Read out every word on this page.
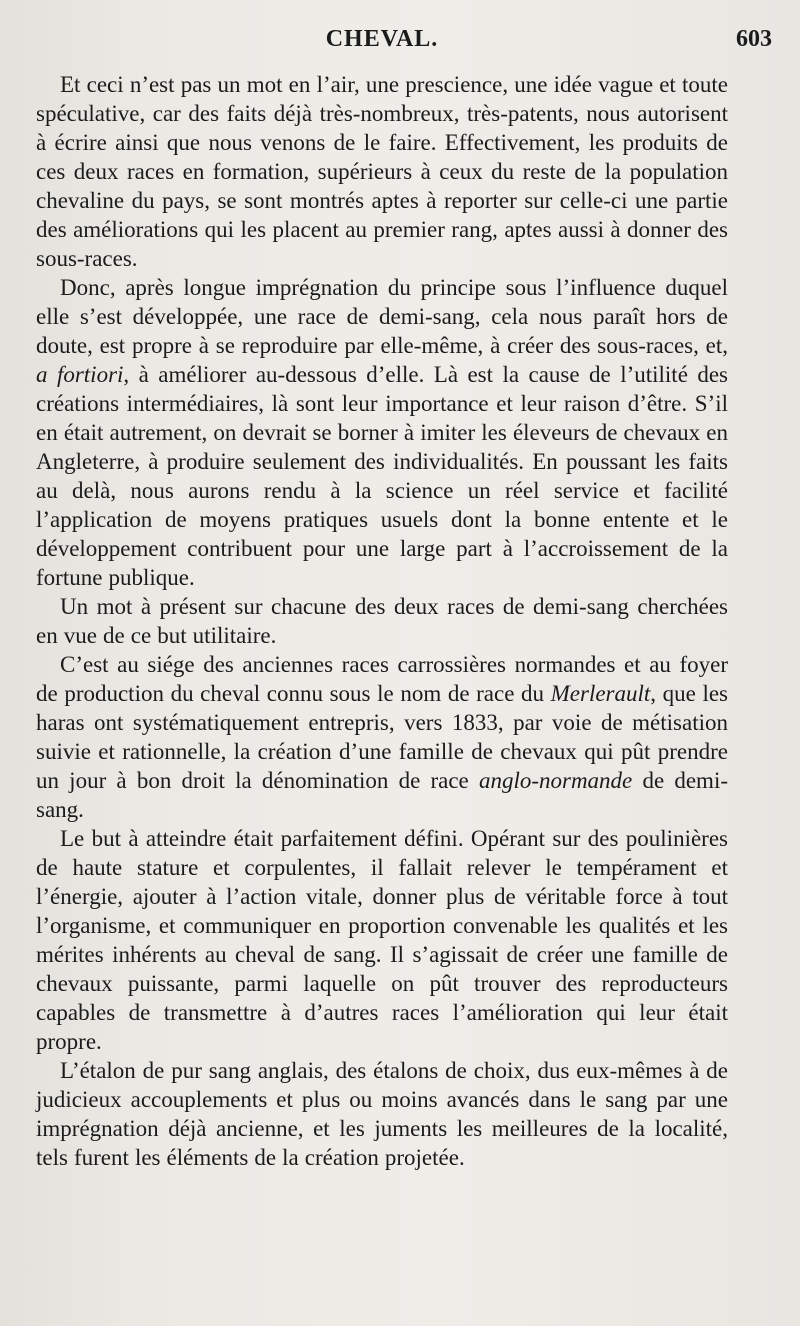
CHEVAL.	603

Et ceci n’est pas un mot en l’air, une prescience, une idée vague et toute spéculative, car des faits déjà très-nombreux, très-patents, nous autorisent à écrire ainsi que nous venons de le faire. Effectivement, les produits de ces deux races en formation, supérieurs à ceux du reste de la population chevaline du pays, se sont montrés aptes à reporter sur celle-ci une partie des améliorations qui les placent au premier rang, aptes aussi à donner des sous-races.

Donc, après longue imprégnation du principe sous l’influence duquel elle s’est développée, une race de demi-sang, cela nous paraît hors de doute, est propre à se reproduire par elle-même, à créer des sous-races, et, a fortiori, à améliorer au-dessous d’elle. Là est la cause de l’utilité des créations intermédiaires, là sont leur importance et leur raison d’être. S’il en était autrement, on devrait se borner à imiter les éleveurs de chevaux en Angleterre, à produire seulement des individualités. En poussant les faits au delà, nous aurons rendu à la science un réel service et facilité l’application de moyens pratiques usuels dont la bonne entente et le développement contribuent pour une large part à l’accroissement de la fortune publique.

Un mot à présent sur chacune des deux races de demi-sang cherchées en vue de ce but utilitaire.

C’est au siége des anciennes races carrossières normandes et au foyer de production du cheval connu sous le nom de race du Merlerault, que les haras ont systématiquement entrepris, vers 1833, par voie de métisation suivie et rationnelle, la création d’une famille de chevaux qui pût prendre un jour à bon droit la dénomination de race anglo-normande de demi-sang.

Le but à atteindre était parfaitement défini. Opérant sur des poulinières de haute stature et corpulentes, il fallait relever le tempérament et l’énergie, ajouter à l’action vitale, donner plus de véritable force à tout l’organisme, et communiquer en proportion convenable les qualités et les mérites inhérents au cheval de sang. Il s’agissait de créer une famille de chevaux puissante, parmi laquelle on pût trouver des reproducteurs capables de transmettre à d’autres races l’amélioration qui leur était propre.

L’étalon de pur sang anglais, des étalons de choix, dus eux-mêmes à de judicieux accouplements et plus ou moins avancés dans le sang par une imprégnation déjà ancienne, et les juments les meilleures de la localité, tels furent les éléments de la création projetée.
